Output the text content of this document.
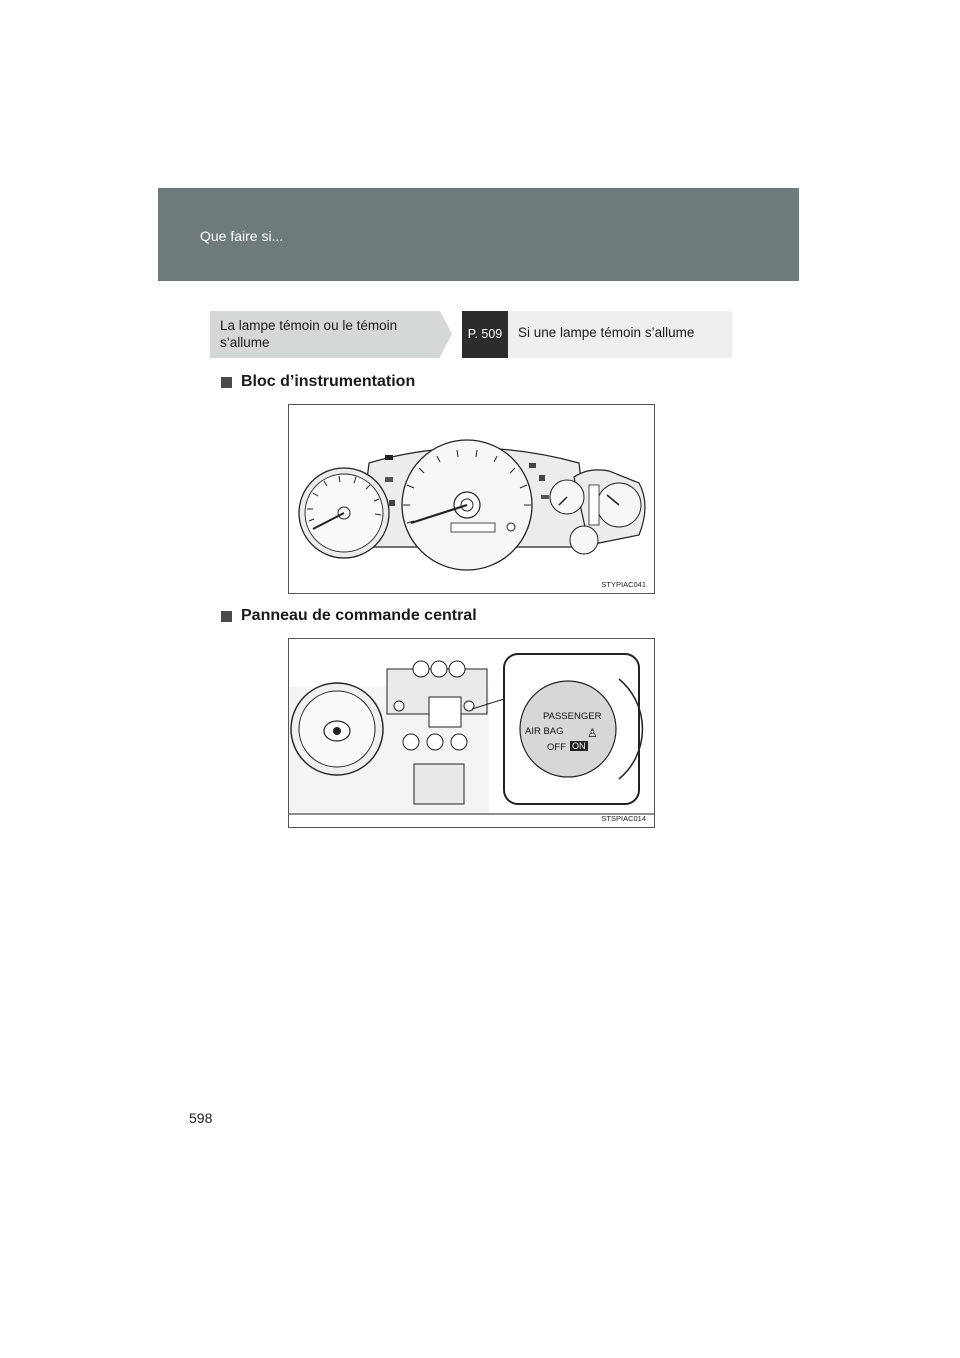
Que faire si...
La lampe témoin ou le témoin s’allume
P. 509	Si une lampe témoin s’allume
Bloc d’instrumentation
STYPIAC041
Panneau de commande central
PASSENGER
AIR BAG ♙
OFF ON
STSPIAC014
598
